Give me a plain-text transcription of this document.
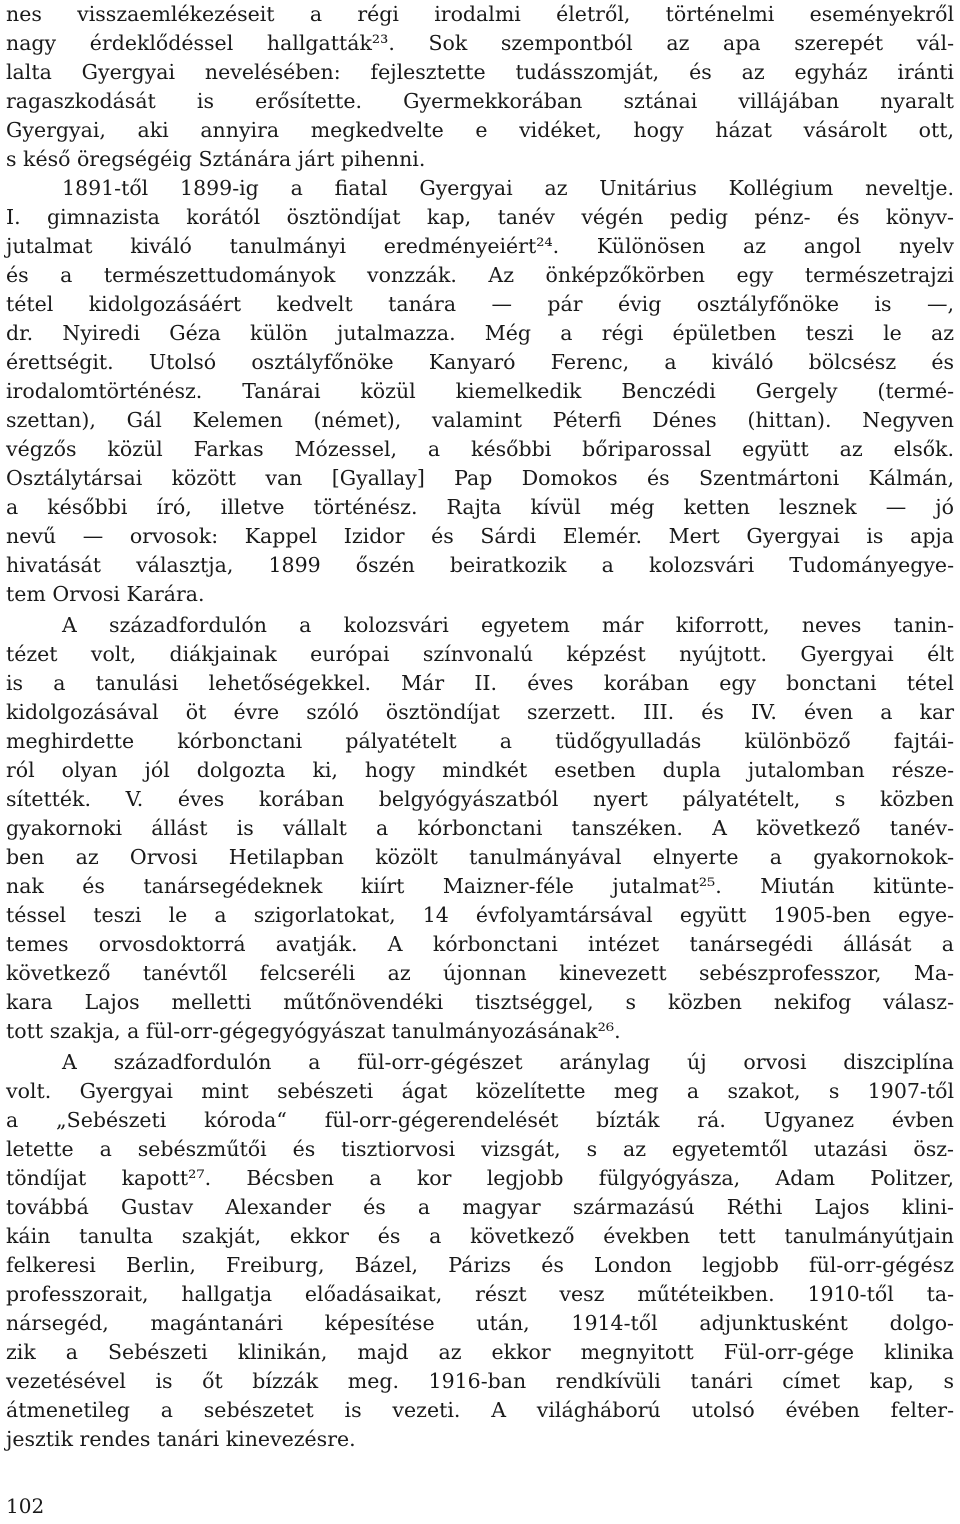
nes visszaemlékezéseit a régi irodalmi életről, történelmi eseményekről
nagy érdeklődéssel hallgatták²³. Sok szempontból az apa szerepét vál-
lalta Gyergyai nevelésében: fejlesztette tudásszomját, és az egyház iránti
ragaszkodását is erősítette. Gyermekkorában sztánai villájában nyaralt
Gyergyai, aki annyira megkedvelte e vidéket, hogy házat vásárolt ott,
s késő öregségéig Sztánára járt pihenni.
1891-től 1899-ig a fiatal Gyergyai az Unitárius Kollégium neveltje.
I. gimnazista korától ösztöndíjat kap, tanév végén pedig pénz- és könyv-
jutalmat kiváló tanulmányi eredményeiért²⁴. Különösen az angol nyelv
és a természettudományok vonzzák. Az önképzőkörben egy természetrajzi
tétel kidolgozásáért kedvelt tanára — pár évig osztályfőnöke is —,
dr. Nyiredi Géza külön jutalmazza. Még a régi épületben teszi le az
érettségit. Utolsó osztályfőnöke Kanyaró Ferenc, a kiváló bölcsész és
irodalomtörténész. Tanárai közül kiemelkedik Benczédi Gergely (termé-
szettan), Gál Kelemen (német), valamint Péterfi Dénes (hittan). Negyven
végzős közül Farkas Mózessel, a későbbi bőriparossal együtt az elsők.
Osztálytársai között van [Gyallay] Pap Domokos és Szentmártoni Kálmán,
a későbbi író, illetve történész. Rajta kívül még ketten lesznek — jó
nevű — orvosok: Kappel Izidor és Sárdi Elemér. Mert Gyergyai is apja
hivatását választja, 1899 őszén beiratkozik a kolozsvári Tudományegye-
tem Orvosi Karára.
A századfordulón a kolozsvári egyetem már kiforrott, neves tanin-
tézet volt, diákjainak európai színvonalú képzést nyújtott. Gyergyai élt
is a tanulási lehetőségekkel. Már II. éves korában egy bonctani tétel
kidolgozásával öt évre szóló ösztöndíjat szerzett. III. és IV. éven a kar
meghirdette kórbonctani pályatételt a tüdőgyulladás különböző fajtái-
ról olyan jól dolgozta ki, hogy mindkét esetben dupla jutalomban része-
sítették. V. éves korában belgyógyászatból nyert pályatételt, s közben
gyakornoki állást is vállalt a kórbonctani tanszéken. A következő tanév-
ben az Orvosi Hetilapban közölt tanulmányával elnyerte a gyakornokok-
nak és tanársegédeknek kiírt Maizner-féle jutalmat²⁵. Miután kitünte-
téssel teszi le a szigorlatokat, 14 évfolyamtársával együtt 1905-ben egye-
temes orvosdoktorrá avatják. A kórbonctani intézet tanársegédi állását a
következő tanévtől felcseréli az újonnan kinevezett sebészprofesszor, Ma-
kara Lajos melletti műtőnövendéki tisztséggel, s közben nekifog válasz-
tott szakja, a fül-orr-gégegyógyászat tanulmányozásának²⁶.
A századfordulón a fül-orr-gégészet aránylag új orvosi diszciplína
volt. Gyergyai mint sebészeti ágat közelítette meg a szakot, s 1907-től
a „Sebészeti kóroda“ fül-orr-gégerendelését bízták rá. Ugyanez évben
letette a sebészműtői és tisztiorvosi vizsgát, s az egyetemtől utazási ösz-
töndíjat kapott²⁷. Bécsben a kor legjobb fülgyógyásza, Adam Politzer,
továbbá Gustav Alexander és a magyar származású Réthi Lajos klini-
káin tanulta szakját, ekkor és a következő években tett tanulmányútjain
felkeresi Berlin, Freiburg, Bázel, Párizs és London legjobb fül-orr-gégész
professzorait, hallgatja előadásaikat, részt vesz műtéteikben. 1910-től ta-
nársegéd, magántanári képesítése után, 1914-től adjunktusként dolgo-
zik a Sebészeti klinikán, majd az ekkor megnyitott Fül-orr-gége klinika
vezetésével is őt bízzák meg. 1916-ban rendkívüli tanári címet kap, s
átmenetileg a sebészetet is vezeti. A világháború utolsó évében felter-
jesztik rendes tanári kinevezésre.
102
